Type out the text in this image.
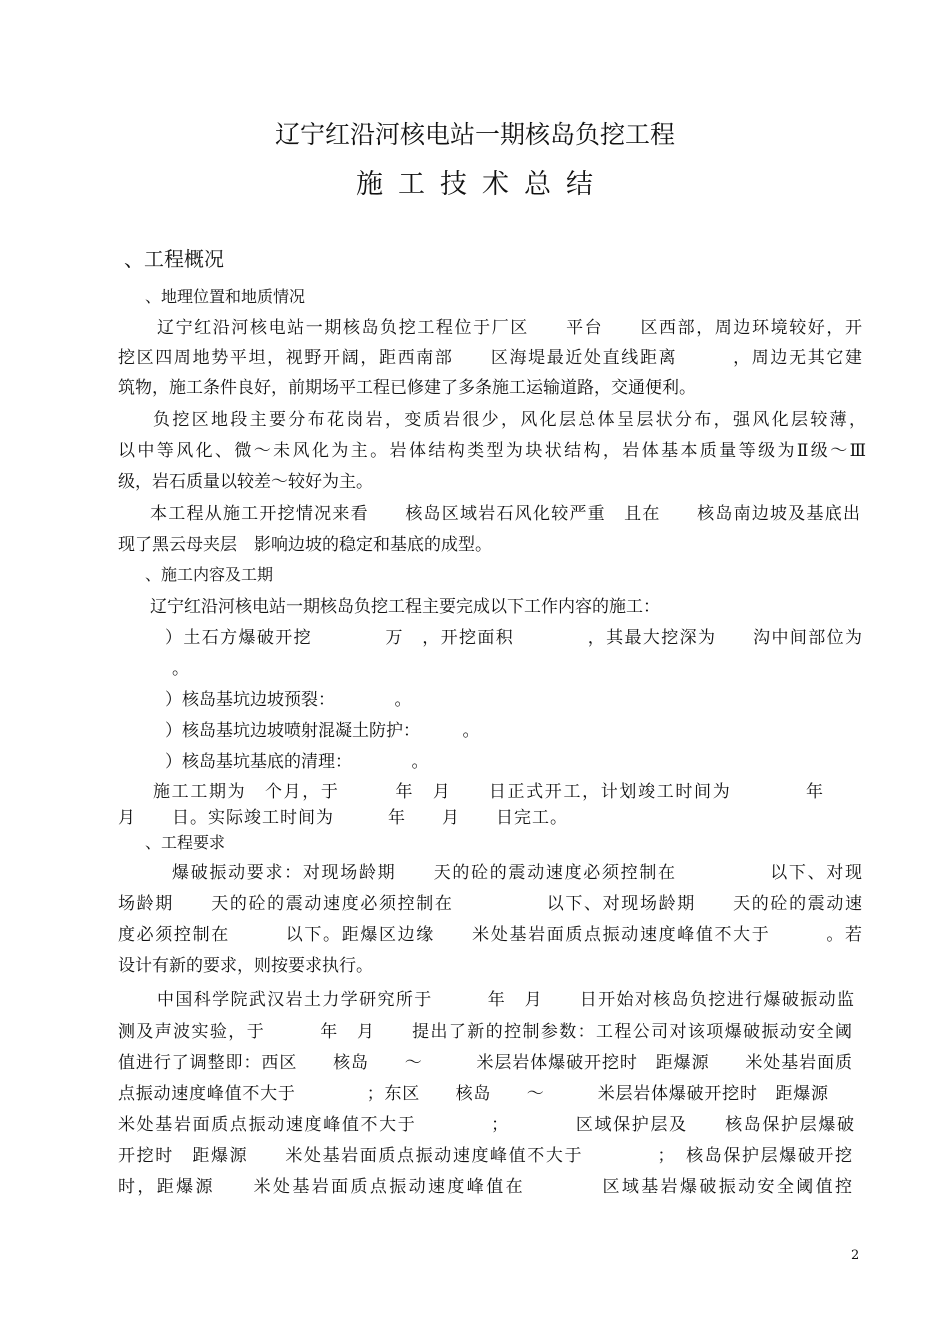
辽宁红沿河核电站一期核岛负挖工程
施工技术总结
、工程概况
、地理位置和地质情况
辽宁红沿河核电站一期核岛负挖工程位于厂区　　平台　　区西部，周边环境较好，开
挖区四周地势平坦，视野开阔，距西南部　　区海堤最近处直线距离　　　，周边无其它建
筑物，施工条件良好，前期场平工程已修建了多条施工运输道路，交通便利。
负挖区地段主要分布花岗岩，变质岩很少，风化层总体呈层状分布，强风化层较薄，
以中等风化、微～未风化为主。岩体结构类型为块状结构，岩体基本质量等级为Ⅱ级～Ⅲ
级，岩石质量以较差～较好为主。
本工程从施工开挖情况来看　　核岛区域岩石风化较严重　且在　　核岛南边坡及基底出
现了黑云母夹层　影响边坡的稳定和基底的成型。
、施工内容及工期
辽宁红沿河核电站一期核岛负挖工程主要完成以下工作内容的施工：
）土石方爆破开挖　　　　万　，开挖面积　　　　，其最大挖深为　　沟中间部位为
。
）核岛基坑边坡预裂：　　　　。
）核岛基坑边坡喷射混凝土防护：　　　。
）核岛基坑基底的清理：　　　　。
施工工期为　个月，于　　　年　月　　日正式开工，计划竣工时间为　　　　年
月　　日。实际竣工时间为　　　年　　月　　日完工。
、工程要求
爆破振动要求：对现场龄期　　天的砼的震动速度必须控制在　　　　　以下、对现
场龄期　　天的砼的震动速度必须控制在　　　　　以下、对现场龄期　　天的砼的震动速
度必须控制在　　　以下。距爆区边缘　　米处基岩面质点振动速度峰值不大于　　　。若
设计有新的要求，则按要求执行。
中国科学院武汉岩土力学研究所于　　　年　月　　日开始对核岛负挖进行爆破振动监
测及声波实验，于　　　年　月　　提出了新的控制参数：工程公司对该项爆破振动安全阈
值进行了调整即：西区　　核岛　　～　　　米层岩体爆破开挖时　距爆源　　米处基岩面质
点振动速度峰值不大于　　　　；东区　　核岛　　～　　　米层岩体爆破开挖时　距爆源
米处基岩面质点振动速度峰值不大于　　　　；　　　　区域保护层及　　核岛保护层爆破
开挖时　距爆源　　米处基岩面质点振动速度峰值不大于　　　　；　核岛保护层爆破开挖
时，距爆源　　米处基岩面质点振动速度峰值在　　　　区域基岩爆破振动安全阈值控
2
